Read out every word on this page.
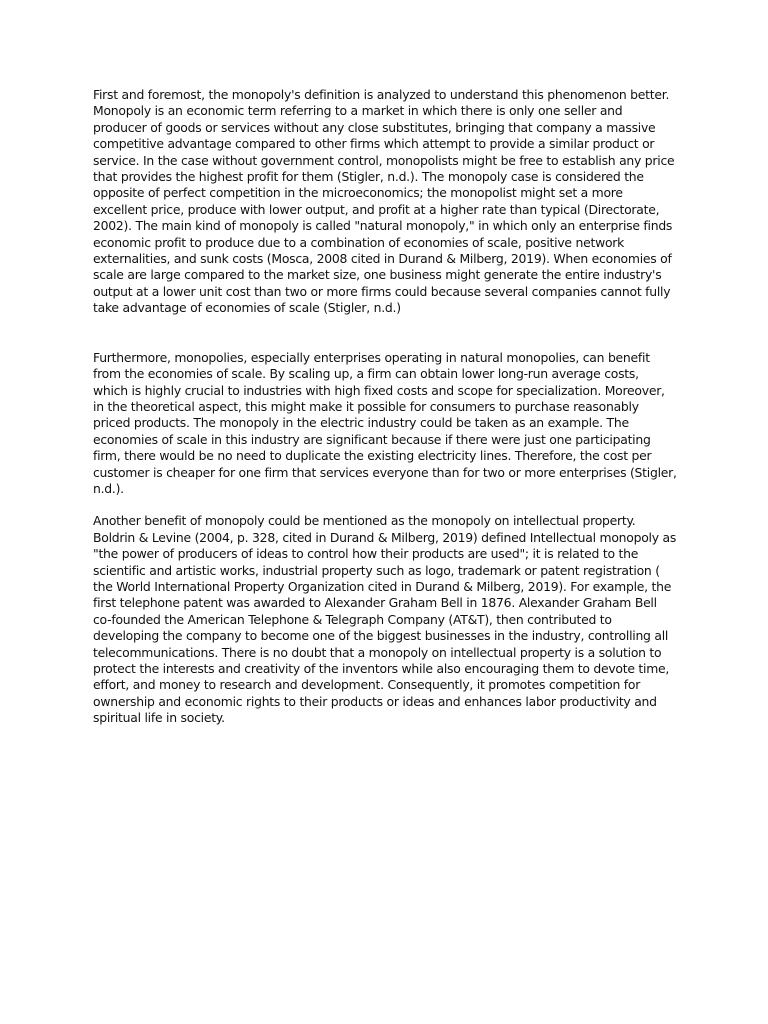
First and foremost, the monopoly's definition is analyzed to understand this phenomenon better. Monopoly is an economic term referring to a market in which there is only one seller and producer of goods or services without any close substitutes, bringing that company a massive competitive advantage compared to other firms which attempt to provide a similar product or service. In the case without government control, monopolists might be free to establish any price that provides the highest profit for them (Stigler, n.d.). The monopoly case is considered the opposite of perfect competition in the microeconomics; the monopolist might set a more excellent price, produce with lower output, and profit at a higher rate than typical (Directorate, 2002). The main kind of monopoly is called "natural monopoly," in which only an enterprise finds economic profit to produce due to a combination of economies of scale, positive network externalities, and sunk costs (Mosca, 2008 cited in Durand & Milberg, 2019). When economies of scale are large compared to the market size, one business might generate the entire industry's output at a lower unit cost than two or more firms could because several companies cannot fully take advantage of economies of scale (Stigler, n.d.)

Furthermore, monopolies, especially enterprises operating in natural monopolies, can benefit from the economies of scale. By scaling up, a firm can obtain lower long-run average costs, which is highly crucial to industries with high fixed costs and scope for specialization. Moreover, in the theoretical aspect, this might make it possible for consumers to purchase reasonably priced products. The monopoly in the electric industry could be taken as an example. The economies of scale in this industry are significant because if there were just one participating firm, there would be no need to duplicate the existing electricity lines. Therefore, the cost per customer is cheaper for one firm that services everyone than for two or more enterprises (Stigler, n.d.).

Another benefit of monopoly could be mentioned as the monopoly on intellectual property. Boldrin & Levine (2004, p. 328, cited in Durand & Milberg, 2019) defined Intellectual monopoly as "the power of producers of ideas to control how their products are used"; it is related to the scientific and artistic works, industrial property such as logo, trademark or patent registration ( the World International Property Organization cited in Durand & Milberg, 2019). For example, the first telephone patent was awarded to Alexander Graham Bell in 1876. Alexander Graham Bell co-founded the American Telephone & Telegraph Company (AT&T), then contributed to developing the company to become one of the biggest businesses in the industry, controlling all telecommunications. There is no doubt that a monopoly on intellectual property is a solution to protect the interests and creativity of the inventors while also encouraging them to devote time, effort, and money to research and development. Consequently, it promotes competition for ownership and economic rights to their products or ideas and enhances labor productivity and spiritual life in society.
